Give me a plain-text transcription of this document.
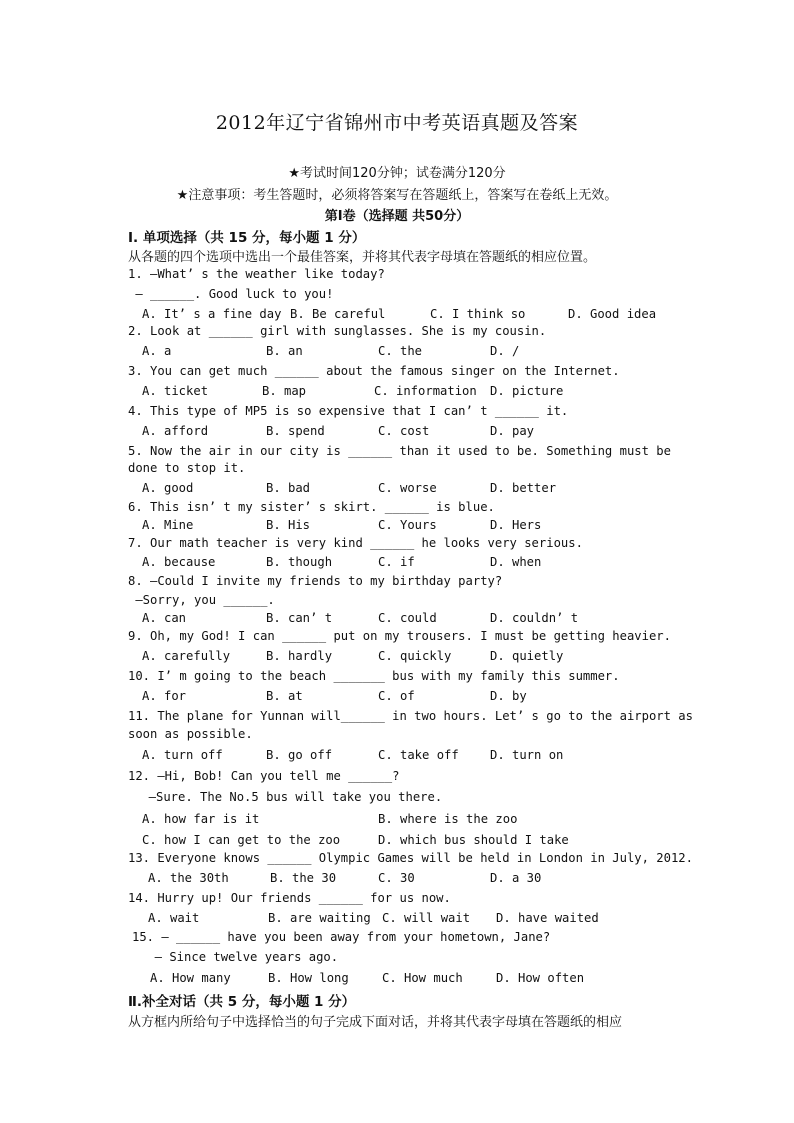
2012年辽宁省锦州市中考英语真题及答案
★考试时间120分钟；试卷满分120分
★注意事项：考生答题时，必须将答案写在答题纸上，答案写在卷纸上无效。
第Ⅰ卷（选择题 共50分）
Ⅰ. 单项选择（共 15 分，每小题 1 分）
从各题的四个选项中选出一个最佳答案，并将其代表字母填在答题纸的相应位置。
1. —What’ s the weather like today?
— ______. Good luck to you!
A. It’ s a fine day B. Be careful	C. I think so	D. Good idea
2. Look at ______ girl with sunglasses. She is my cousin.
A. a	B. an	C. the	D. /
3. You can get much ______ about the famous singer on the Internet.
A. ticket	B. map	C. information D. picture
4. This type of MP5 is so expensive that I can’ t ______ it.
A. afford	B. spend	C. cost	D. pay
5. Now the air in our city is ______ than it used to be. Something must be
done to stop it.
A. good	B. bad	C. worse	D. better
6. This isn’ t my sister’ s skirt. ______ is blue.
A. Mine	B. His	C. Yours	D. Hers
7. Our math teacher is very kind ______ he looks very serious.
A. because	B. though	C. if	D. when
8. —Could I invite my friends to my birthday party?
—Sorry, you ______.
A. can	B. can’ t	C. could	D. couldn’ t
9. Oh, my God! I can ______ put on my trousers. I must be getting heavier.
A. carefully	B. hardly	C. quickly	D. quietly
10. I’ m going to the beach _______ bus with my family this summer.
A. for	B. at	C. of	D. by
11. The plane for Yunnan will______ in two hours. Let’ s go to the airport as
soon as possible.
A. turn off	B. go off	C. take off	D. turn on
12. —Hi, Bob! Can you tell me ______?
—Sure. The No.5 bus will take you there.
A. how far is it	B. where is the zoo
C. how I can get to the zoo	D. which bus should I take
13. Everyone knows ______ Olympic Games will be held in London in July, 2012.
A. the 30th	B. the 30	C. 30	D. a 30
14. Hurry up! Our friends ______ for us now.
A. wait	B. are waiting C. will wait D. have waited
15. — ______ have you been away from your hometown, Jane?
— Since twelve years ago.
A. How many	B. How long	C. How much	D. How often
Ⅱ.补全对话（共 5 分，每小题 1 分）
从方框内所给句子中选择恰当的句子完成下面对话，并将其代表字母填在答题纸的相应
